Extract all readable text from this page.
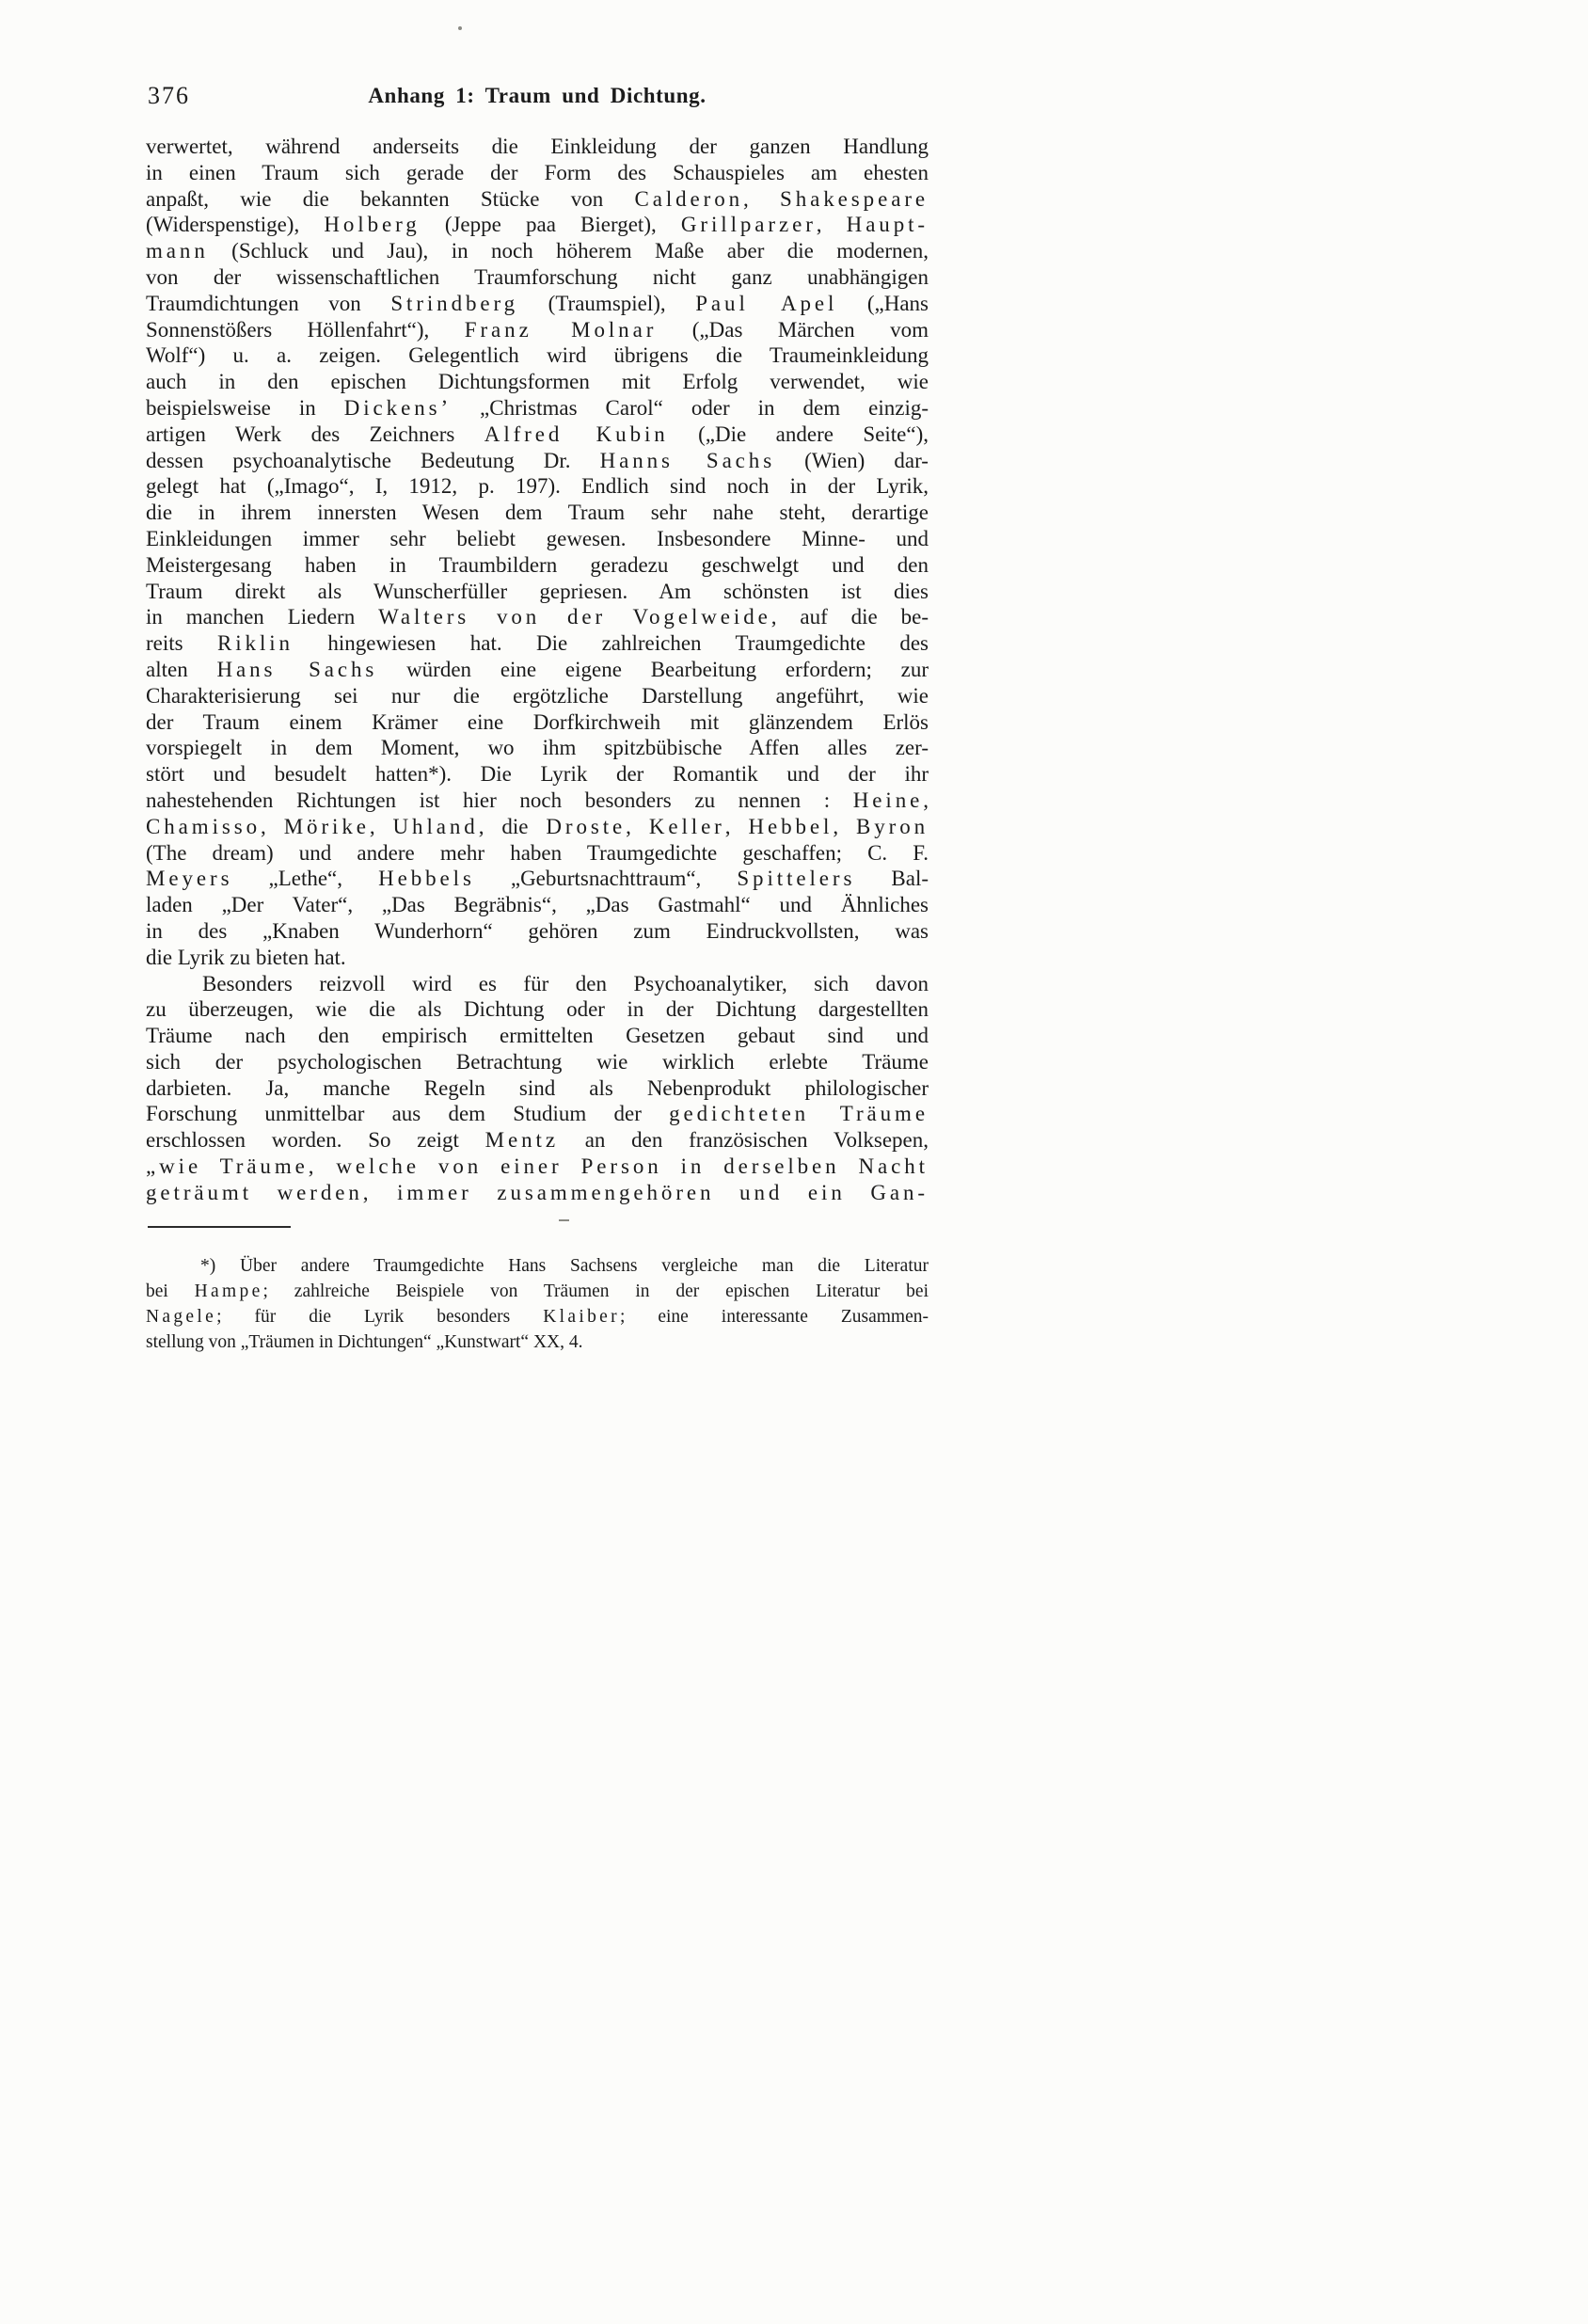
376	Anhang 1: Traum und Dichtung.
verwertet, während anderseits die Einkleidung der ganzen Handlung
in einen Traum sich gerade der Form des Schauspieles am ehesten
anpaßt, wie die bekannten Stücke von Calderon, Shakespeare
(Widerspenstige), Holberg (Jeppe paa Bierget), Grillparzer, Haupt-
mann (Schluck und Jau), in noch höherem Maße aber die modernen,
von der wissenschaftlichen Traumforschung nicht ganz unabhängigen
Traumdichtungen von Strindberg (Traumspiel), Paul Apel („Hans
Sonnenstößers Höllenfahrt“), Franz Molnar („Das Märchen vom
Wolf“) u. a. zeigen. Gelegentlich wird übrigens die Traumeinkleidung
auch in den epischen Dichtungsformen mit Erfolg verwendet, wie
beispielsweise in Dickens’ „Christmas Carol“ oder in dem einzig-
artigen Werk des Zeichners Alfred Kubin („Die andere Seite“),
dessen psychoanalytische Bedeutung Dr. Hanns Sachs (Wien) dar-
gelegt hat („Imago“, I, 1912, p. 197). Endlich sind noch in der Lyrik,
die in ihrem innersten Wesen dem Traum sehr nahe steht, derartige
Einkleidungen immer sehr beliebt gewesen. Insbesondere Minne- und
Meistergesang haben in Traumbildern geradezu geschwelgt und den
Traum direkt als Wunscherfüller gepriesen. Am schönsten ist dies
in manchen Liedern Walters von der Vogelweide, auf die be-
reits Riklin hingewiesen hat. Die zahlreichen Traumgedichte des
alten Hans Sachs würden eine eigene Bearbeitung erfordern; zur
Charakterisierung sei nur die ergötzliche Darstellung angeführt, wie
der Traum einem Krämer eine Dorfkirchweih mit glänzendem Erlös
vorspiegelt in dem Moment, wo ihm spitzbübische Affen alles zer-
stört und besudelt hatten*). Die Lyrik der Romantik und der ihr
nahestehenden Richtungen ist hier noch besonders zu nennen : Heine,
Chamisso, Mörike, Uhland, die Droste, Keller, Hebbel, Byron
(The dream) und andere mehr haben Traumgedichte geschaffen; C. F.
Meyers „Lethe“, Hebbels „Geburtsnachttraum“, Spittelers Bal-
laden „Der Vater“, „Das Begräbnis“, „Das Gastmahl“ und Ähnliches
in des „Knaben Wunderhorn“ gehören zum Eindruckvollsten, was
die Lyrik zu bieten hat.
Besonders reizvoll wird es für den Psychoanalytiker, sich davon
zu überzeugen, wie die als Dichtung oder in der Dichtung dargestellten
Träume nach den empirisch ermittelten Gesetzen gebaut sind und
sich der psychologischen Betrachtung wie wirklich erlebte Träume
darbieten. Ja, manche Regeln sind als Nebenprodukt philologischer
Forschung unmittelbar aus dem Studium der gedichteten Träume
erschlossen worden. So zeigt Mentz an den französischen Volksepen,
„wie Träume, welche von einer Person in derselben Nacht
geträumt werden, immer zusammengehören und ein Gan-
*) Über andere Traumgedichte Hans Sachsens vergleiche man die Literatur
bei Hampe; zahlreiche Beispiele von Träumen in der epischen Literatur bei
Nagele; für die Lyrik besonders Klaiber; eine interessante Zusammen-
stellung von „Träumen in Dichtungen“ „Kunstwart“ XX, 4.
